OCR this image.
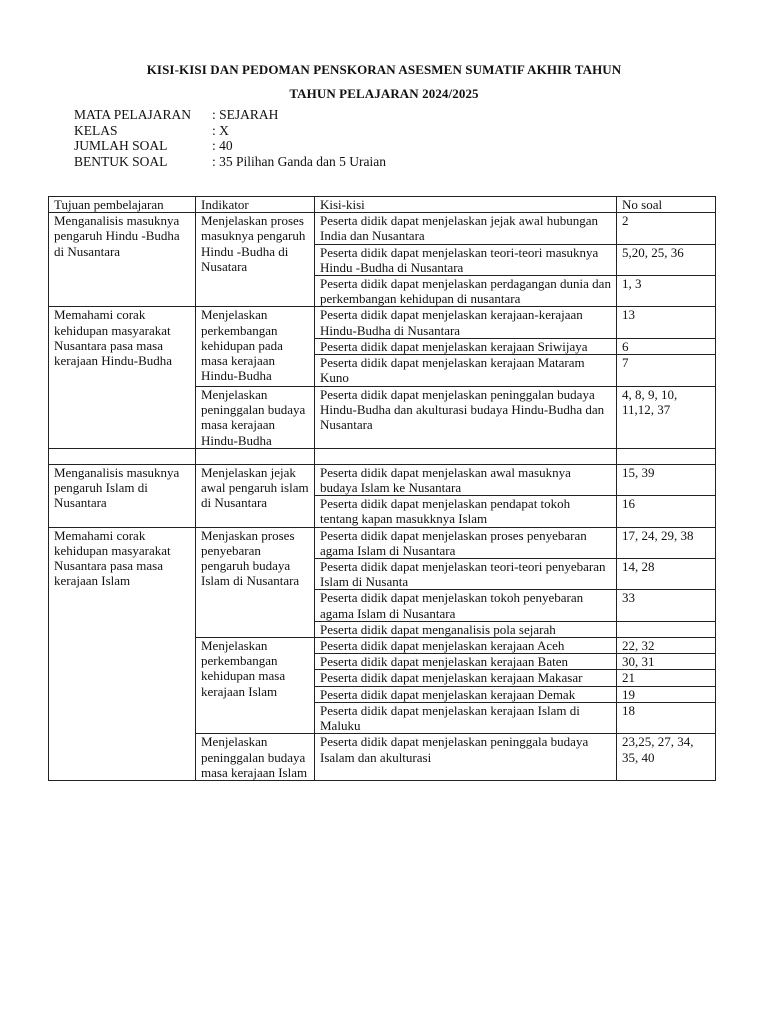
KISI-KISI DAN PEDOMAN PENSKORAN ASESMEN SUMATIF AKHIR TAHUN
TAHUN PELAJARAN 2024/2025
MATA PELAJARAN	: SEJARAH
KELAS	: X
JUMLAH SOAL	: 40
BENTUK SOAL	: 35 Pilihan Ganda dan 5 Uraian
Tujuan pembelajaran	Indikator	Kisi-kisi	No soal
Menganalisis masuknya pengaruh Hindu -Budha di Nusantara	Menjelaskan proses masuknya pengaruh Hindu -Budha di Nusatara	Peserta didik dapat menjelaskan jejak awal hubungan India dan Nusantara	2
		Peserta didik dapat menjelaskan teori-teori masuknya Hindu -Budha di Nusantara	5,20, 25, 36
		Peserta didik dapat menjelaskan perdagangan dunia dan perkembangan kehidupan di nusantara	1, 3
Memahami corak kehidupan masyarakat Nusantara pasa masa kerajaan Hindu-Budha	Menjelaskan perkembangan kehidupan pada masa kerajaan Hindu-Budha	Peserta didik dapat menjelaskan kerajaan-kerajaan Hindu-Budha di Nusantara	13
		Peserta didik dapat menjelaskan kerajaan Sriwijaya	6
		Peserta didik dapat menjelaskan kerajaan Mataram Kuno	7
	Menjelaskan peninggalan budaya masa kerajaan Hindu-Budha	Peserta didik dapat menjelaskan peninggalan budaya Hindu-Budha dan akulturasi budaya Hindu-Budha dan Nusantara	4, 8, 9, 10, 11,12, 37

Menganalisis masuknya pengaruh Islam di Nusantara	Menjelaskan jejak awal pengaruh islam di Nusantara	Peserta didik dapat menjelaskan awal masuknya budaya Islam ke Nusantara	15, 39
		Peserta didik dapat menjelaskan pendapat tokoh tentang kapan masukknya Islam	16
Memahami corak kehidupan masyarakat Nusantara pasa masa kerajaan Islam	Menjaskan proses penyebaran pengaruh budaya Islam di Nusantara	Peserta didik dapat menjelaskan proses penyebaran agama Islam di Nusantara	17, 24, 29, 38
		Peserta didik dapat menjelaskan teori-teori penyebaran Islam di Nusanta	14, 28
		Peserta didik dapat menjelaskan tokoh penyebaran agama Islam di Nusantara	33
		Peserta didik dapat menganalisis pola sejarah	
	Menjelaskan perkembangan kehidupan masa kerajaan Islam	Peserta didik dapat menjelaskan kerajaan Aceh	22, 32
		Peserta didik dapat menjelaskan kerajaan Baten	30, 31
		Peserta didik dapat menjelaskan kerajaan Makasar	21
		Peserta didik dapat menjelaskan kerajaan Demak	19
		Peserta didik dapat menjelaskan kerajaan Islam di Maluku	18
	Menjelaskan peninggalan budaya masa kerajaan Islam	Peserta didik dapat menjelaskan peninggala budaya Isalam dan akulturasi	23,25, 27, 34, 35, 40
